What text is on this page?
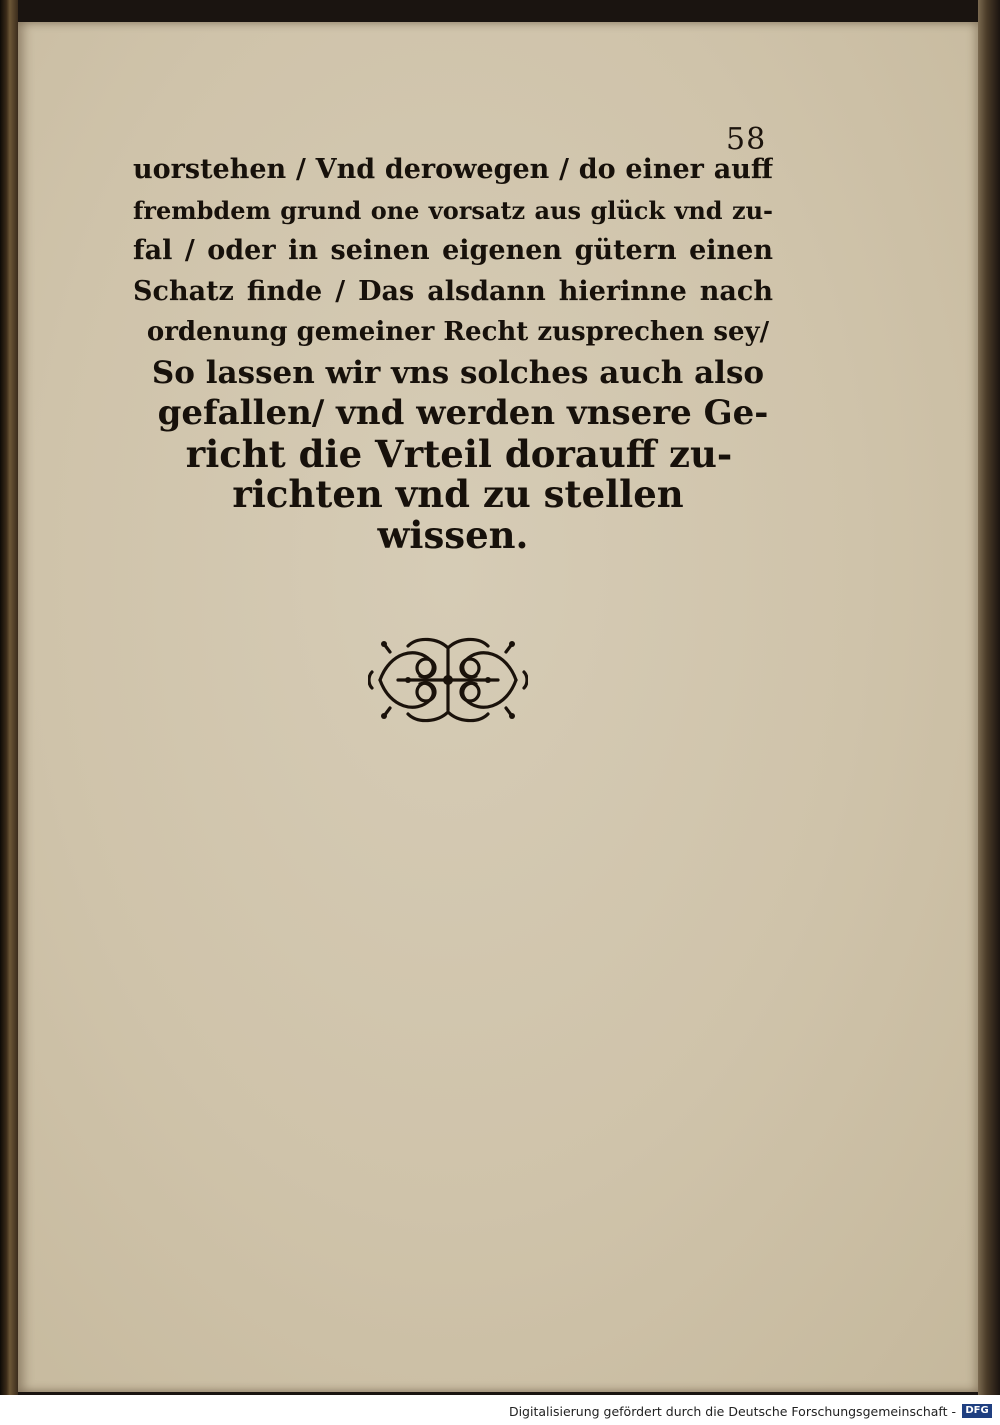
58
uorstehen / Vnd derowegen / do einer auff
frembdem grund one vorsatz aus glück vnd zu-
fal / oder in seinen eigenen gütern einen
Schatz finde / Das alsdann hierinne nach
ordenung gemeiner Recht zusprechen sey/
So lassen wir vns solches auch also
gefallen/ vnd werden vnsere Ge-
richt die Vrteil dorauff zu-
richten vnd zu stellen
wissen.
Digitalisierung gefördert durch die Deutsche Forschungsgemeinschaft - DFG
